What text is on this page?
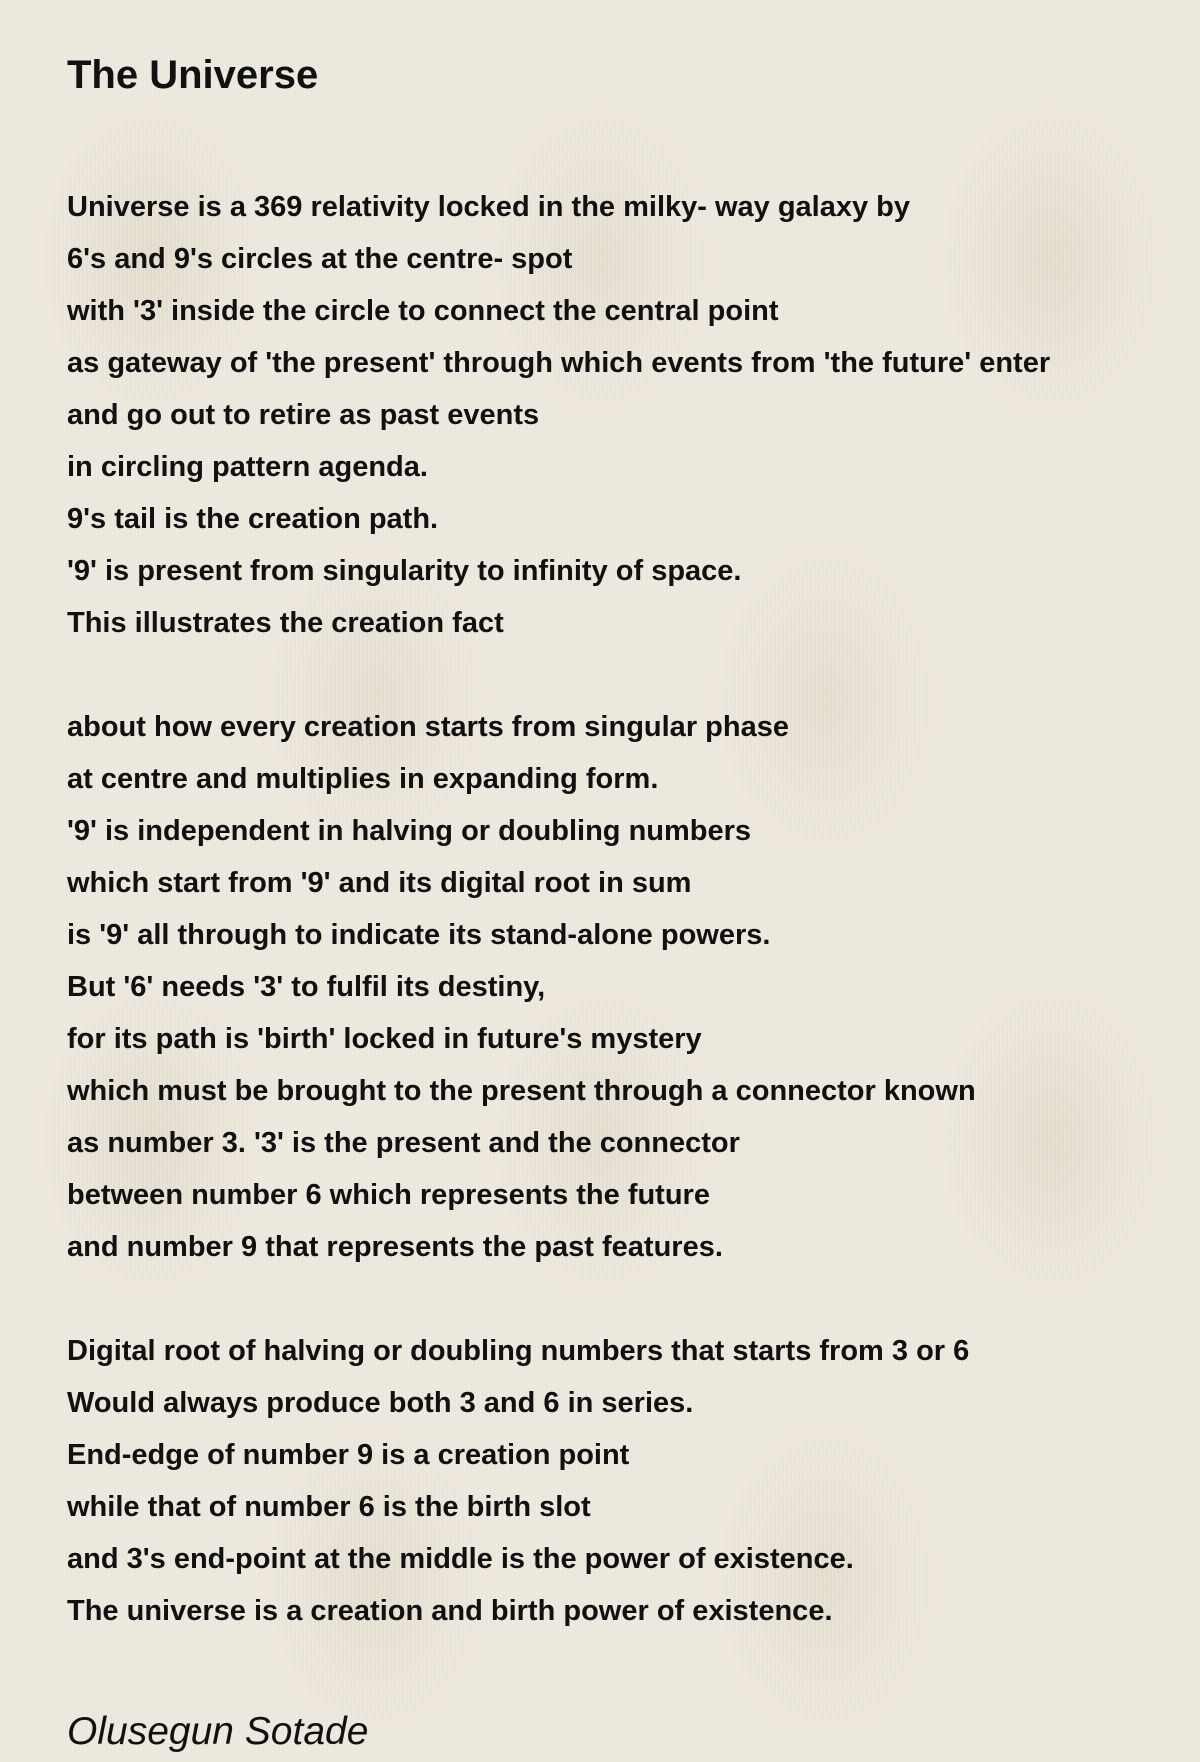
The Universe
Universe is a 369 relativity locked in the milky- way galaxy by
6's and 9's circles at the centre- spot
with '3' inside the circle to connect the central point
as gateway of 'the present' through which events from 'the future' enter
and go out to retire as past events
in circling pattern agenda.
9's tail is the creation path.
'9' is present from singularity to infinity of space.
This illustrates the creation fact
about how every creation starts from singular phase
at centre and multiplies in expanding form.
'9' is independent in halving or doubling numbers
which start from '9' and its digital root in sum
is '9' all through to indicate its stand-alone powers.
But '6' needs '3' to fulfil its destiny,
for its path is 'birth' locked in future's mystery
which must be brought to the present through a connector known
as number 3. '3' is the present and the connector
between number 6 which represents the future
and number 9 that represents the past features.
Digital root of halving or doubling numbers that starts from 3 or 6
Would always produce both 3 and 6 in series.
End-edge of number 9 is a creation point
while that of number 6 is the birth slot
and 3's end-point at the middle is the power of existence.
The universe is a creation and birth power of existence.
Olusegun Sotade
